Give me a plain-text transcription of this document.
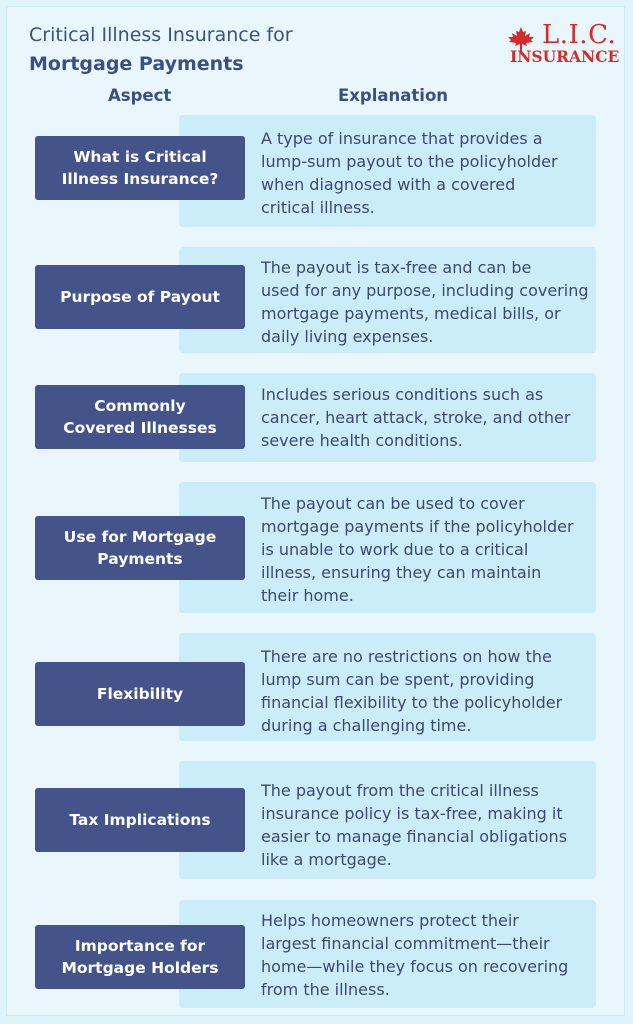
Critical Illness Insurance for
Mortgage Payments
L.I.C.
INSURANCE
Aspect	Explanation
A type of insurance that provides a
lump-sum payout to the policyholder
when diagnosed with a covered
critical illness.
What is Critical
Illness Insurance?
The payout is tax-free and can be
used for any purpose, including covering
mortgage payments, medical bills, or
daily living expenses.
Purpose of Payout
Includes serious conditions such as
cancer, heart attack, stroke, and other
severe health conditions.
Commonly
Covered Illnesses
The payout can be used to cover
mortgage payments if the policyholder
is unable to work due to a critical
illness, ensuring they can maintain
their home.
Use for Mortgage
Payments
There are no restrictions on how the
lump sum can be spent, providing
financial flexibility to the policyholder
during a challenging time.
Flexibility
The payout from the critical illness
insurance policy is tax-free, making it
easier to manage financial obligations
like a mortgage.
Tax Implications
Helps homeowners protect their
largest financial commitment—their
home—while they focus on recovering
from the illness.
Importance for
Mortgage Holders
